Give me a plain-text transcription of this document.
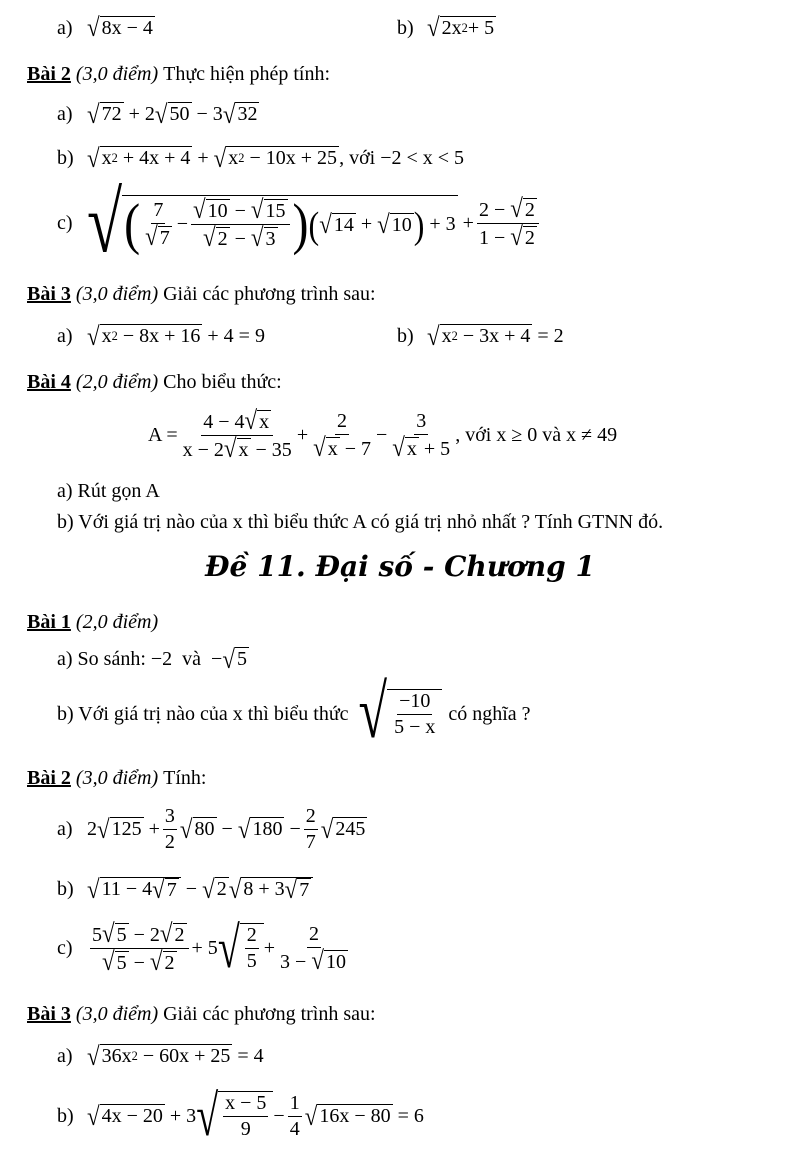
a) √ 8x − 4	b) √ 2x 2 + 5
Bài 2
(3,0 điểm)
Thực hiện phép tính:
a) √ 72 + 2 √ 50 − 3 √ 32
b) √ x 2 + 4x + 4 + √ x 2 − 10x + 25 , với −2 < x < 5
c) √ ( $\frac{7}{√ 7} - \frac{√ 10 - √ 15}{√ 2 - √ 3}$ ) ( √ 14 + √ 10 ) + $3 + \frac{2 - √ 2}{1 - √ 2}$
Bài 3
(3,0 điểm)
Giải các phương trình sau:
a) √ x 2 − 8x + 16 + 4 = 9	b) √ x 2 − 3x + 4 = 2
Bài 4
(2,0 điểm)
Cho biểu thức:
$A = \frac{4 - 4√ x}{x - 2√ x - 35} + \frac{2}{√ x - 7} - \frac{3}{√ x + 5}$ , với x ≥ 0 và x ≠ 49
a) Rút gọn A
b) Với giá trị nào của x thì biểu thức A có giá trị nhỏ nhất ? Tính GTNN đó.
Đề 11. Đại số - Chương 1
Bài 1
(2,0 điểm)
a) So sánh: −2  và  − √ 5
b) Với giá trị nào của x thì biểu thức √ $\frac{-10}{5 - x}$ có nghĩa ?
Bài 2
(3,0 điểm)
Tính:
a) 2 √ $125 + \frac{3}{2}$ √ 80 − √ $180 - \frac{2}{7}$ √ 245
b) √ 11 − 4 √ 7 − √ 2 √ 8 + 3 √ 7
$c) \frac{5√ 5 - 2√ 2}{√ 5 - √ 2} + 5$ √ $\frac{2}{5} + \frac{2}{3 - √ 10}$
Bài 3
(3,0 điểm)
Giải các phương trình sau:
a) √ 36x 2 − 60x + 25 = 4
b) √ 4x − 20 + 3 √ $\frac{x - 5}{9} - \frac{1}{4}$ √ 16x − 80 = 6
